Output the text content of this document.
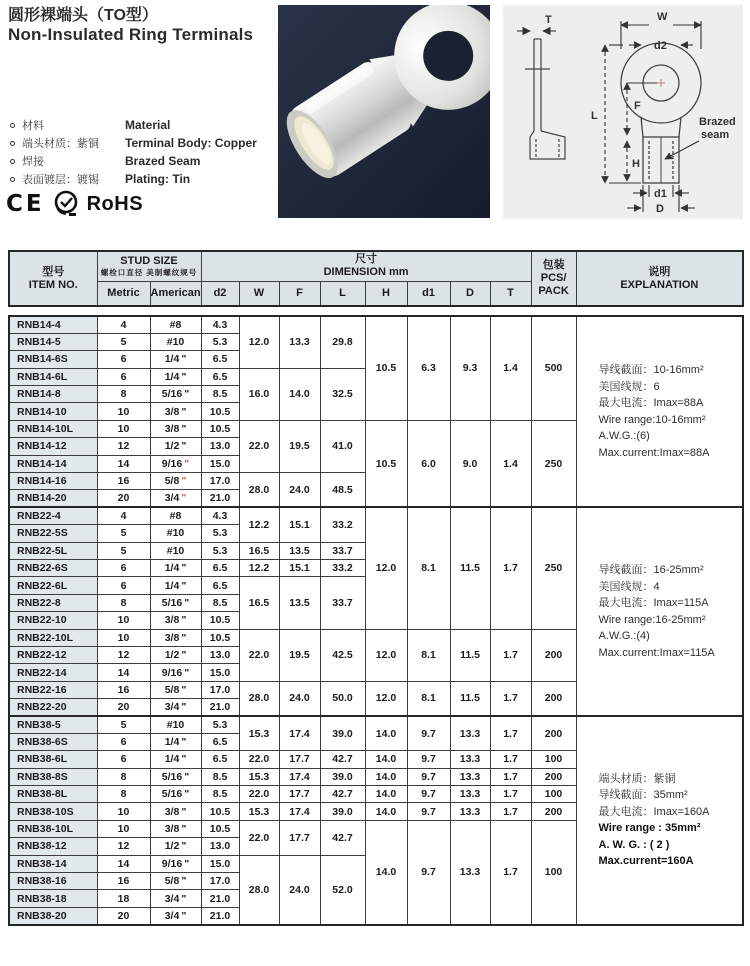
圆形裸端头（TO型）
Non-Insulated Ring Terminals
材料	Material
端头材质：紫铜	Terminal Body: Copper
焊接	Brazed Seam
表面镀层：镀锡	Plating: Tin
CE RoHS
T	W
d2
L
F
H
d1
D
Brazed
seam
型号
ITEM NO.	STUD SIZE
螺栓口直径 美制螺纹规号		尺寸
DIMENSION mm								包装
PCS/
PACK	说明
EXPLANATION

	Metric	American	d2	W	F	L	H	d1	D	T		
RNB14-4	4	#8	4.3	12.0	13.3	29.8	10.5	6.3	9.3	1.4	500	导线截面：10-16mm²
美国线规：6
最大电流：Imax=88A
Wire range:10-16mm²
A.W.G.:(6)
Max.current:Imax=88A

RNB14-5	5	#10	5.3									
RNB14-6S	6	1/4 "	6.5									
RNB14-6L	6	1/4 "	6.5	16.0	14.0	32.5						
RNB14-8	8	5/16 "	8.5									
RNB14-10	10	3/8 "	10.5									
RNB14-10L	10	3/8 "	10.5	22.0	19.5	41.0	10.5	6.0	9.0	1.4	250	
RNB14-12	12	1/2 "	13.0									
RNB14-14	14	9/16 "	15.0									
RNB14-16	16	5/8 "	17.0	28.0	24.0	48.5						
RNB14-20	20	3/4 "	21.0									
RNB22-4	4	#8	4.3	12.2	15.1	33.2	12.0	8.1	11.5	1.7	250	导线截面：16-25mm²
美国线规：4
最大电流：Imax=115A
Wire range:16-25mm²
A.W.G.:(4)
Max.current:Imax=115A

RNB22-5S	5	#10	5.3									
RNB22-5L	5	#10	5.3	16.5	13.5	33.7						
RNB22-6S	6	1/4 "	6.5	12.2	15.1	33.2						
RNB22-6L	6	1/4 "	6.5	16.5	13.5	33.7						
RNB22-8	8	5/16 "	8.5									
RNB22-10	10	3/8 "	10.5									
RNB22-10L	10	3/8 "	10.5	22.0	19.5	42.5	12.0	8.1	11.5	1.7	200	
RNB22-12	12	1/2 "	13.0									
RNB22-14	14	9/16 "	15.0									
RNB22-16	16	5/8 "	17.0	28.0	24.0	50.0	12.0	8.1	11.5	1.7	200	
RNB22-20	20	3/4 "	21.0									
RNB38-5	5	#10	5.3	15.3	17.4	39.0	14.0	9.7	13.3	1.7	200	
端头材质：紫铜
导线截面：35mm²
最大电流：Imax=160A
Wire range : 35mm²
A. W. G. : ( 2 )
Max.current=160A

RNB38-6S	6	1/4 "	6.5									
RNB38-6L	6	1/4 "	6.5	22.0	17.7	42.7	14.0	9.7	13.3	1.7	100	
RNB38-8S	8	5/16 "	8.5	15.3	17.4	39.0	14.0	9.7	13.3	1.7	200	
RNB38-8L	8	5/16 "	8.5	22.0	17.7	42.7	14.0	9.7	13.3	1.7	100	
RNB38-10S	10	3/8 "	10.5	15.3	17.4	39.0	14.0	9.7	13.3	1.7	200	
RNB38-10L	10	3/8 "	10.5	22.0	17.7	42.7	14.0	9.7	13.3	1.7	100	
RNB38-12	12	1/2 "	13.0									
RNB38-14	14	9/16 "	15.0	28.0	24.0	52.0						
RNB38-16	16	5/8 "	17.0									
RNB38-18	18	3/4 "	21.0									
RNB38-20	20	3/4 "	21.0									
